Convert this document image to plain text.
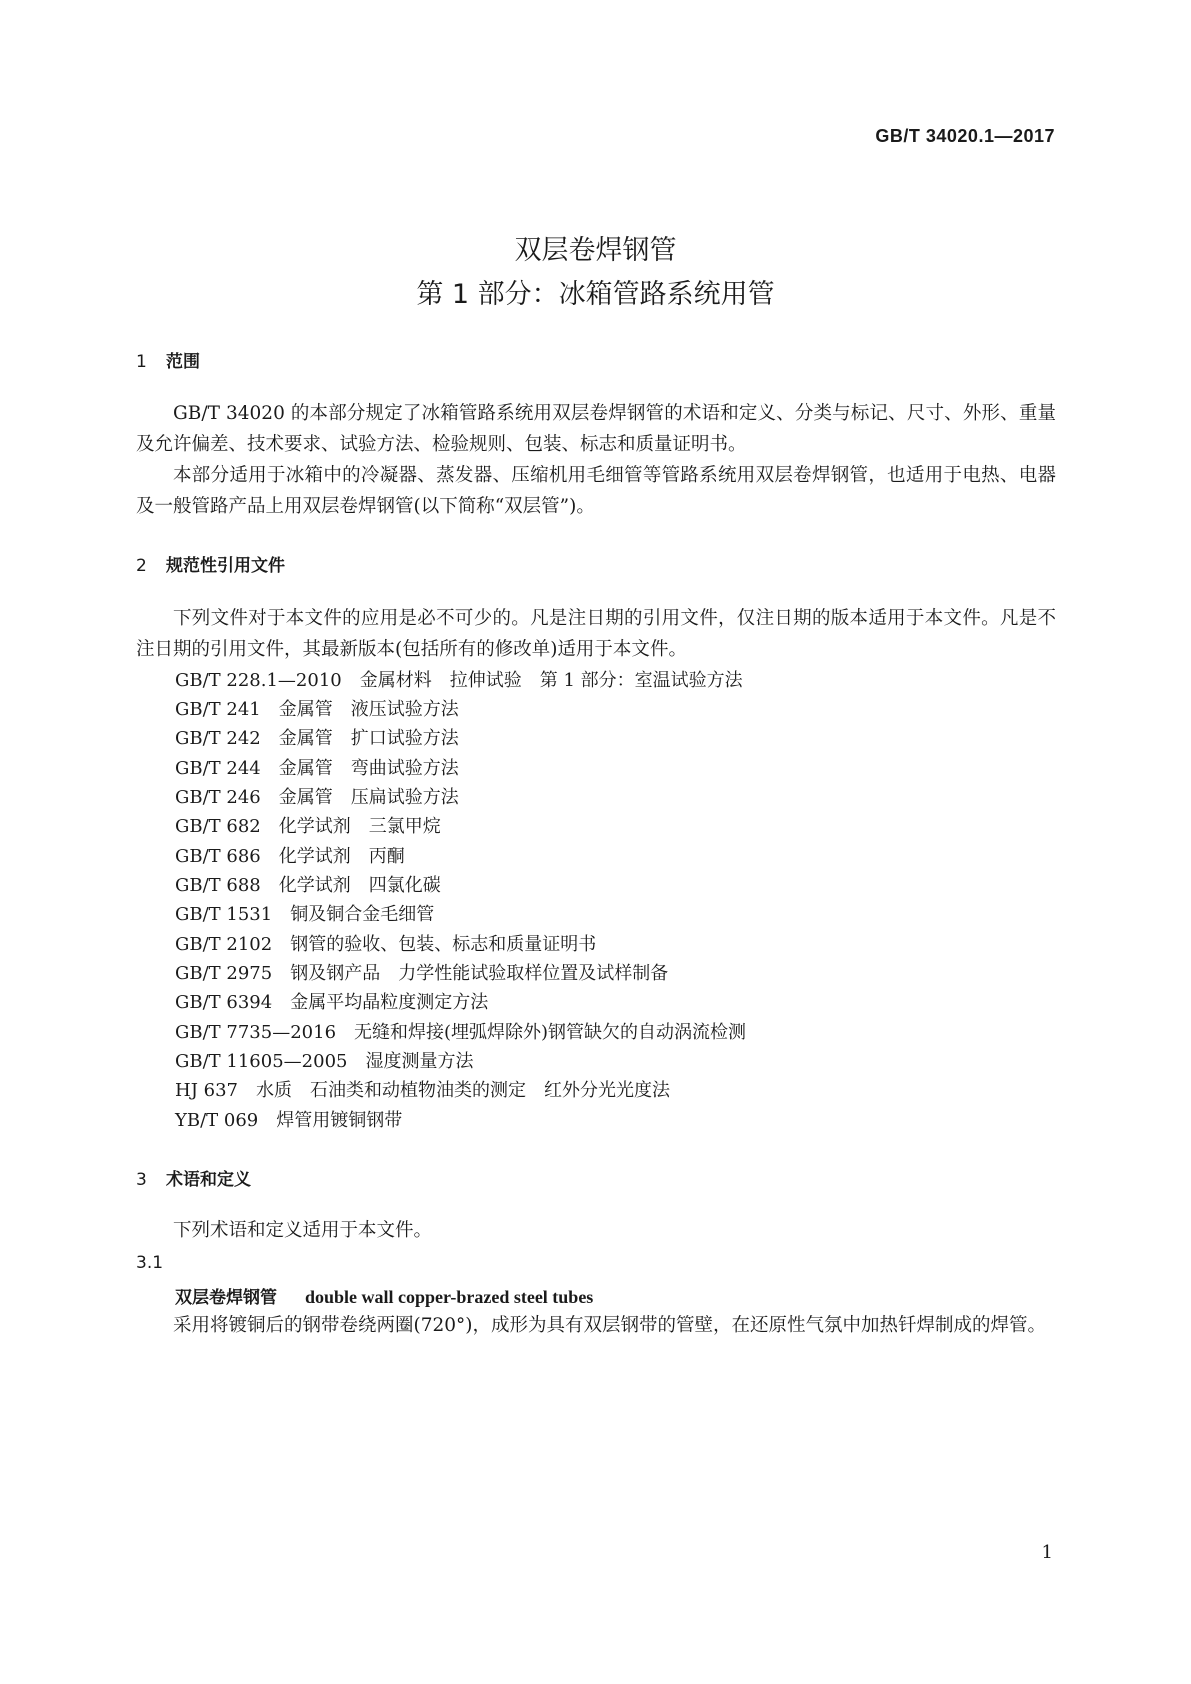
GB/T 34020.1—2017
双层卷焊钢管
第 1 部分：冰箱管路系统用管
1 范围
GB/T 34020 的本部分规定了冰箱管路系统用双层卷焊钢管的术语和定义、分类与标记、尺寸、外形、重量及允许偏差、技术要求、试验方法、检验规则、包装、标志和质量证明书。
本部分适用于冰箱中的冷凝器、蒸发器、压缩机用毛细管等管路系统用双层卷焊钢管，也适用于电热、电器及一般管路产品上用双层卷焊钢管(以下简称“双层管”)。
2 规范性引用文件
下列文件对于本文件的应用是必不可少的。凡是注日期的引用文件，仅注日期的版本适用于本文件。凡是不注日期的引用文件，其最新版本(包括所有的修改单)适用于本文件。
GB/T 228.1—2010　金属材料　拉伸试验　第 1 部分：室温试验方法
GB/T 241　金属管　液压试验方法
GB/T 242　金属管　扩口试验方法
GB/T 244　金属管　弯曲试验方法
GB/T 246　金属管　压扁试验方法
GB/T 682　化学试剂　三氯甲烷
GB/T 686　化学试剂　丙酮
GB/T 688　化学试剂　四氯化碳
GB/T 1531　铜及铜合金毛细管
GB/T 2102　钢管的验收、包装、标志和质量证明书
GB/T 2975　钢及钢产品　力学性能试验取样位置及试样制备
GB/T 6394　金属平均晶粒度测定方法
GB/T 7735—2016　无缝和焊接(埋弧焊除外)钢管缺欠的自动涡流检测
GB/T 11605—2005　湿度测量方法
HJ 637　水质　石油类和动植物油类的测定　红外分光光度法
YB/T 069　焊管用镀铜钢带
3 术语和定义
下列术语和定义适用于本文件。
3.1
双层卷焊钢管 double wall copper-brazed steel tubes
采用将镀铜后的钢带卷绕两圈(720°)，成形为具有双层钢带的管壁，在还原性气氛中加热钎焊制成的焊管。
1
